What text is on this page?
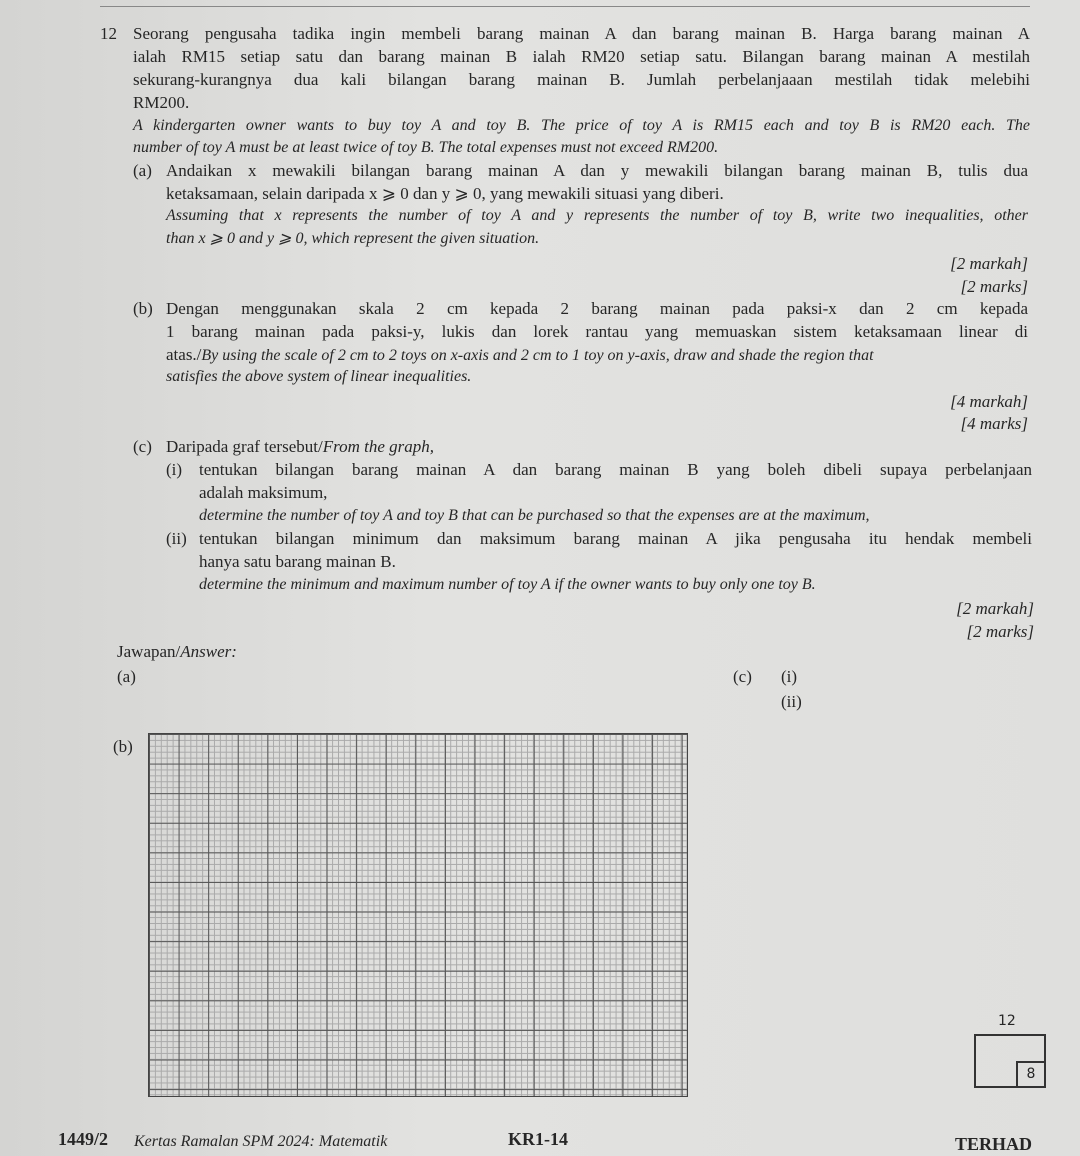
12 Seorang pengusaha tadika ingin membeli barang mainan A dan barang mainan B. Harga barang mainan A
ialah RM15 setiap satu dan barang mainan B ialah RM20 setiap satu. Bilangan barang mainan A mestilah
sekurang-kurangnya dua kali bilangan barang mainan B. Jumlah perbelanjaaan mestilah tidak melebihi
RM200.
A kindergarten owner wants to buy toy A and toy B. The price of toy A is RM15 each and toy B is RM20 each. The
number of toy A must be at least twice of toy B. The total expenses must not exceed RM200.
(a) Andaikan x mewakili bilangan barang mainan A dan y mewakili bilangan barang mainan B, tulis dua
ketaksamaan, selain daripada x ⩾ 0 dan y ⩾ 0, yang mewakili situasi yang diberi.
Assuming that x represents the number of toy A and y represents the number of toy B, write two inequalities, other
than x ⩾ 0 and y ⩾ 0, which represent the given situation.
[2 markah]
[2 marks]
(b) Dengan menggunakan skala 2 cm kepada 2 barang mainan pada paksi-x dan 2 cm kepada
1 barang mainan pada paksi-y, lukis dan lorek rantau yang memuaskan sistem ketaksamaan linear di
atas./By using the scale of 2 cm to 2 toys on x-axis and 2 cm to 1 toy on y-axis, draw and shade the region that
satisfies the above system of linear inequalities.
[4 markah]
[4 marks]
(c) Daripada graf tersebut/From the graph,
(i) tentukan bilangan barang mainan A dan barang mainan B yang boleh dibeli supaya perbelanjaan
adalah maksimum,
determine the number of toy A and toy B that can be purchased so that the expenses are at the maximum,
(ii) tentukan bilangan minimum dan maksimum barang mainan A jika pengusaha itu hendak membeli
hanya satu barang mainan B.
determine the minimum and maximum number of toy A if the owner wants to buy only one toy B.
[2 markah]
[2 marks]
Jawapan/Answer:
(a)	(c) (i)
(ii)
(b)
12
8
1449/2 Kertas Ramalan SPM 2024: Matematik	KR1-14	TERHAD
